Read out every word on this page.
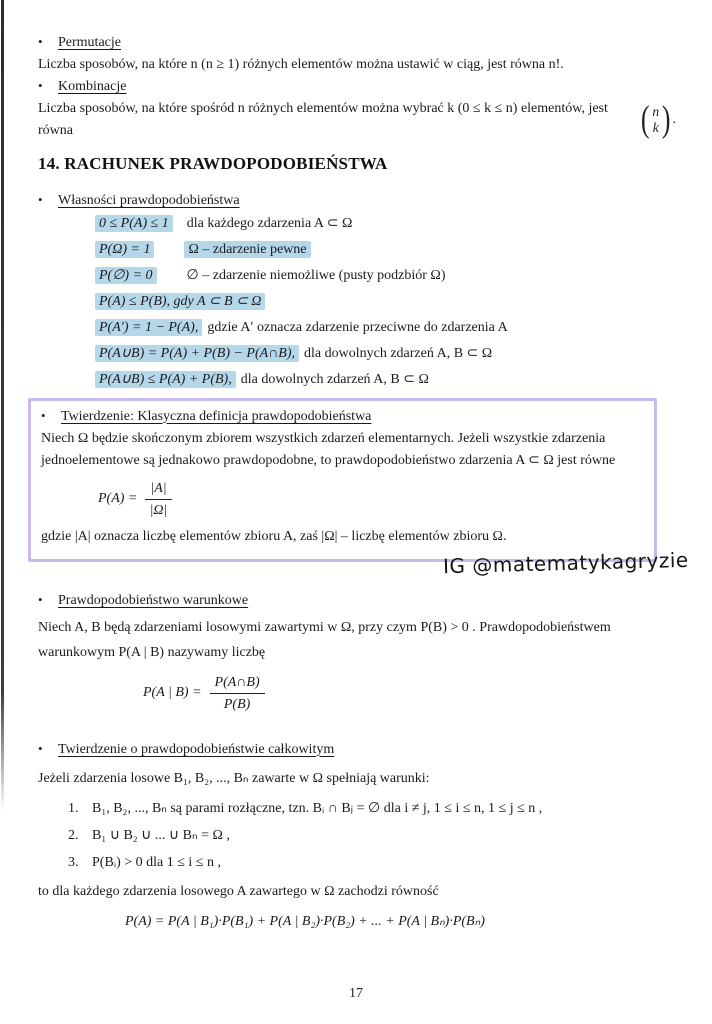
•	Permutacje

Liczba sposobów, na które n (n ≥ 1) różnych elementów można ustawić w ciąg, jest równa n!.

•	Kombinacje
Liczba sposobów, na które spośród n różnych elementów można wybrać k (0 ≤ k ≤ n) elementów, jest równa	( n
k ) .
14. RACHUNEK PRAWDOPODOBIEŃSTWA
•	Własności prawdopodobieństwa
0 ≤ P(A) ≤ 1 dla każdego zdarzenia A ⊂ Ω
P(Ω) = 1	Ω – zdarzenie pewne
P(∅) = 0 ∅ – zdarzenie niemożliwe (pusty podzbiór Ω)
P(A) ≤ P(B), gdy A ⊂ B ⊂ Ω
P(A′) = 1 − P(A), gdzie A′ oznacza zdarzenie przeciwne do zdarzenia A
P(A∪B) = P(A) + P(B) − P(A∩B), dla dowolnych zdarzeń A, B ⊂ Ω
P(A∪B) ≤ P(A) + P(B), dla dowolnych zdarzeń A, B ⊂ Ω
•	Twierdzenie: Klasyczna definicja prawdopodobieństwa

Niech Ω będzie skończonym zbiorem wszystkich zdarzeń elementarnych. Jeżeli wszystkie zdarzenia jednoelementowe są jednakowo prawdopodobne, to prawdopodobieństwo zdarzenia A ⊂ Ω jest równe

$P(A) = \frac{|A|}{|\Omega|}$

gdzie |A| oznacza liczbę elementów zbioru A, zaś |Ω| – liczbę elementów zbioru Ω.

IG @matematykagryzie
•	Prawdopodobieństwo warunkowe

Niech A, B będą zdarzeniami losowymi zawartymi w Ω, przy czym P(B) > 0 . Prawdopodobieństwem warunkowym P(A | B) nazywamy liczbę

P(A | $B) = \frac{P(A\cap B)}{P(B)}$
•	Twierdzenie o prawdopodobieństwie całkowitym

Jeżeli zdarzenia losowe B₁, B₂, ..., Bₙ zawarte w Ω spełniają warunki:

1. B₁, B₂, ..., Bₙ są parami rozłączne, tzn. Bᵢ ∩ Bⱼ = ∅ dla i ≠ j, 1 ≤ i ≤ n, 1 ≤ j ≤ n ,
2. B₁ ∪ B₂ ∪ ... ∪ Bₙ = Ω ,
3. P(Bᵢ) > 0 dla 1 ≤ i ≤ n ,

to dla każdego zdarzenia losowego A zawartego w Ω zachodzi równość

P(A) = P(A | B₁)·P(B₁) + P(A | B₂)·P(B₂) + ... + P(A | Bₙ)·P(Bₙ)
17
